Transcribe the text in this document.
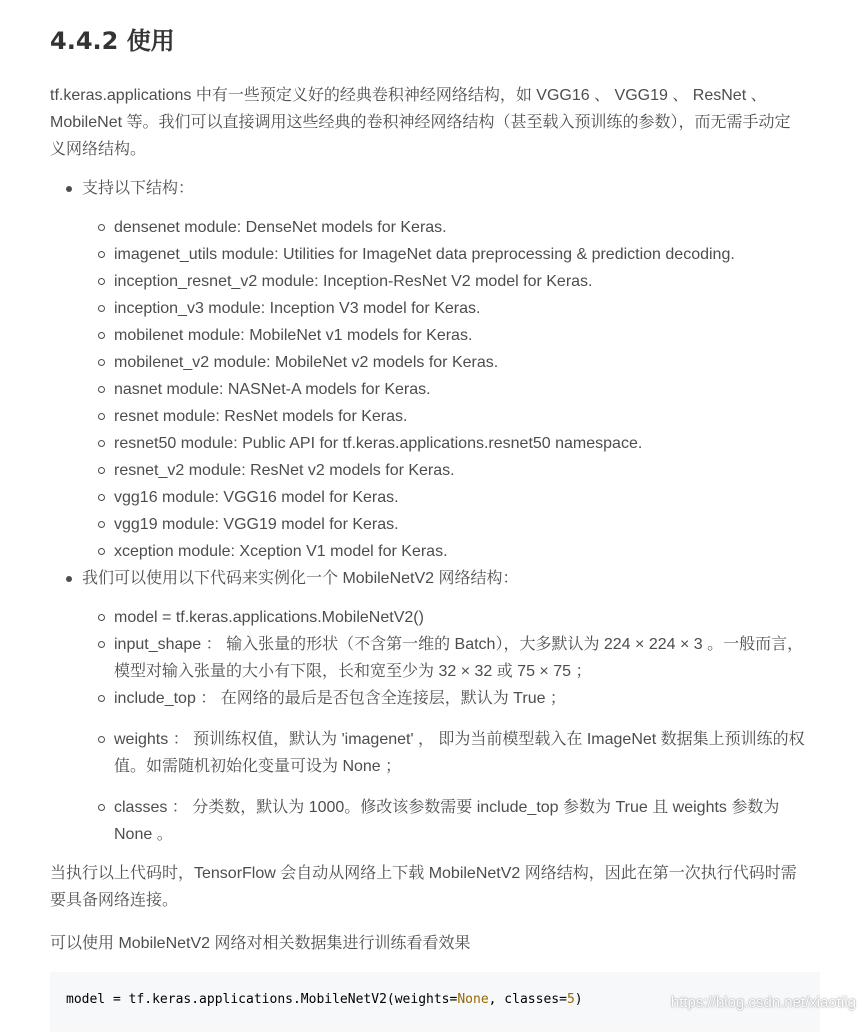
4.4.2 使用

tf.keras.applications 中有一些预定义好的经典卷积神经网络结构，如 VGG16 、 VGG19 、 ResNet 、
MobileNet 等。我们可以直接调用这些经典的卷积神经网络结构（甚至载入预训练的参数），而无需手动定
义网络结构。

支持以下结构：
densenet module: DenseNet models for Keras.
imagenet_utils module: Utilities for ImageNet data preprocessing & prediction decoding.
inception_resnet_v2 module: Inception-ResNet V2 model for Keras.
inception_v3 module: Inception V3 model for Keras.
mobilenet module: MobileNet v1 models for Keras.
mobilenet_v2 module: MobileNet v2 models for Keras.
nasnet module: NASNet-A models for Keras.
resnet module: ResNet models for Keras.
resnet50 module: Public API for tf.keras.applications.resnet50 namespace.
resnet_v2 module: ResNet v2 models for Keras.
vgg16 module: VGG16 model for Keras.
vgg19 module: VGG19 model for Keras.
xception module: Xception V1 model for Keras.
我们可以使用以下代码来实例化一个 MobileNetV2 网络结构：
model = tf.keras.applications.MobileNetV2()
input_shape ： 输入张量的形状（不含第一维的 Batch），大多默认为 224 × 224 × 3 。一般而言，
模型对输入张量的大小有下限，长和宽至少为 32 × 32 或 75 × 75 ；
include_top ： 在网络的最后是否包含全连接层，默认为 True ；
weights ： 预训练权值，默认为 'imagenet' ， 即为当前模型载入在 ImageNet 数据集上预训练的权
值。如需随机初始化变量可设为 None ；
classes ： 分类数，默认为 1000。修改该参数需要 include_top 参数为 True 且 weights 参数为
None 。

当执行以上代码时，TensorFlow 会自动从网络上下载 MobileNetV2 网络结构，因此在第一次执行代码时需
要具备网络连接。

可以使用 MobileNetV2 网络对相关数据集进行训练看看效果

model = tf.keras.applications.MobileNetV2(weights=None, classes=5)	https://blog.csdn.net/xiaotiig
